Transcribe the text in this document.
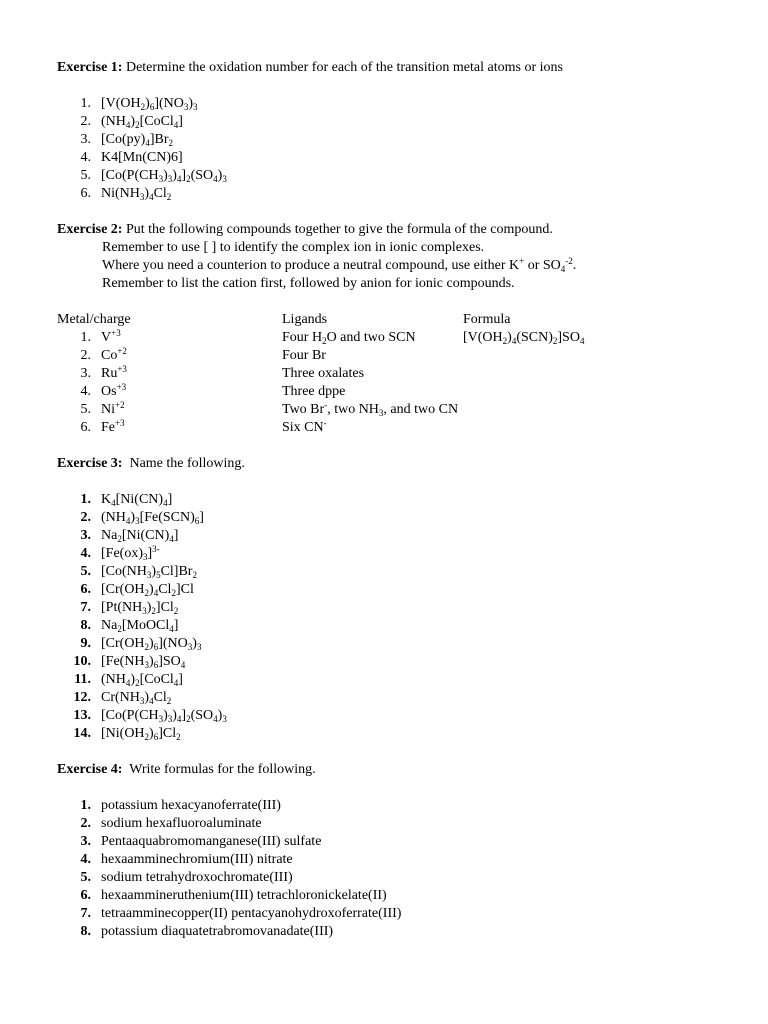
Exercise 1: Determine the oxidation number for each of the transition metal atoms or ions

1. $[V(OH_2)_6](NO_3)_3$
2. $(NH_4)_2[CoCl_4]$
3. $[Co(py)_4]Br_2$
4. K4[Mn(CN)6]
5. $[Co(P(CH_3)_3)_4]_2(SO_4)_3$
6. $Ni(NH_3)_4Cl_2$

Exercise 2: Put the following compounds together to give the formula of the compound.

Remember to use [ ] to identify the complex ion in ionic complexes.
Where you need a counterion to produce a neutral compound, use either K+ or $SO_4^{-2}$.
Remember to list the cation first, followed by anion for ionic compounds.
Metal/charge	Ligands	Formula
1. $V^{+3}$	Four $H_2O$ and two SCN	$[V(OH_2)_4(SCN)_2]SO_4$
2. $Co^{+2}$	Four Br
3. $Ru^{+3}$	Three oxalates
4. $Os^{+3}$	Three dppe
5. $Ni^{+2}$	Two Br-, two $NH_3$, and two CN
6. $Fe^{+3}$	Six CN-

Exercise 3:  Name the following.

1. $K_4[Ni(CN)_4]$
2. $(NH_4)_3[Fe(SCN)_6]$
3. $Na_2[Ni(CN)_4]$
4. $[Fe(ox)_3]^{3-}$
5. $[Co(NH_3)_5Cl]Br_2$
6. $[Cr(OH_2)_4Cl_2]Cl$
7. $[Pt(NH_3)_2]Cl_2$
8. $Na_2[MoOCl_4]$
9. $[Cr(OH_2)_6](NO_3)_3$
10. $[Fe(NH_3)_6]SO_4$
11. $(NH_4)_2[CoCl_4]$
12. $Cr(NH_3)_4Cl_2$
13. $[Co(P(CH_3)_3)_4]_2(SO_4)_3$
14. $[Ni(OH_2)_6]Cl_2$

Exercise 4:  Write formulas for the following.

1. potassium hexacyanoferrate(III)
2. sodium hexafluoroaluminate
3. Pentaaquabromomanganese(III) sulfate
4. hexaamminechromium(III) nitrate
5. sodium tetrahydroxochromate(III)
6. hexaammineruthenium(III) tetrachloronickelate(II)
7. tetraamminecopper(II) pentacyanohydroxoferrate(III)
8. potassium diaquatetrabromovanadate(III)
